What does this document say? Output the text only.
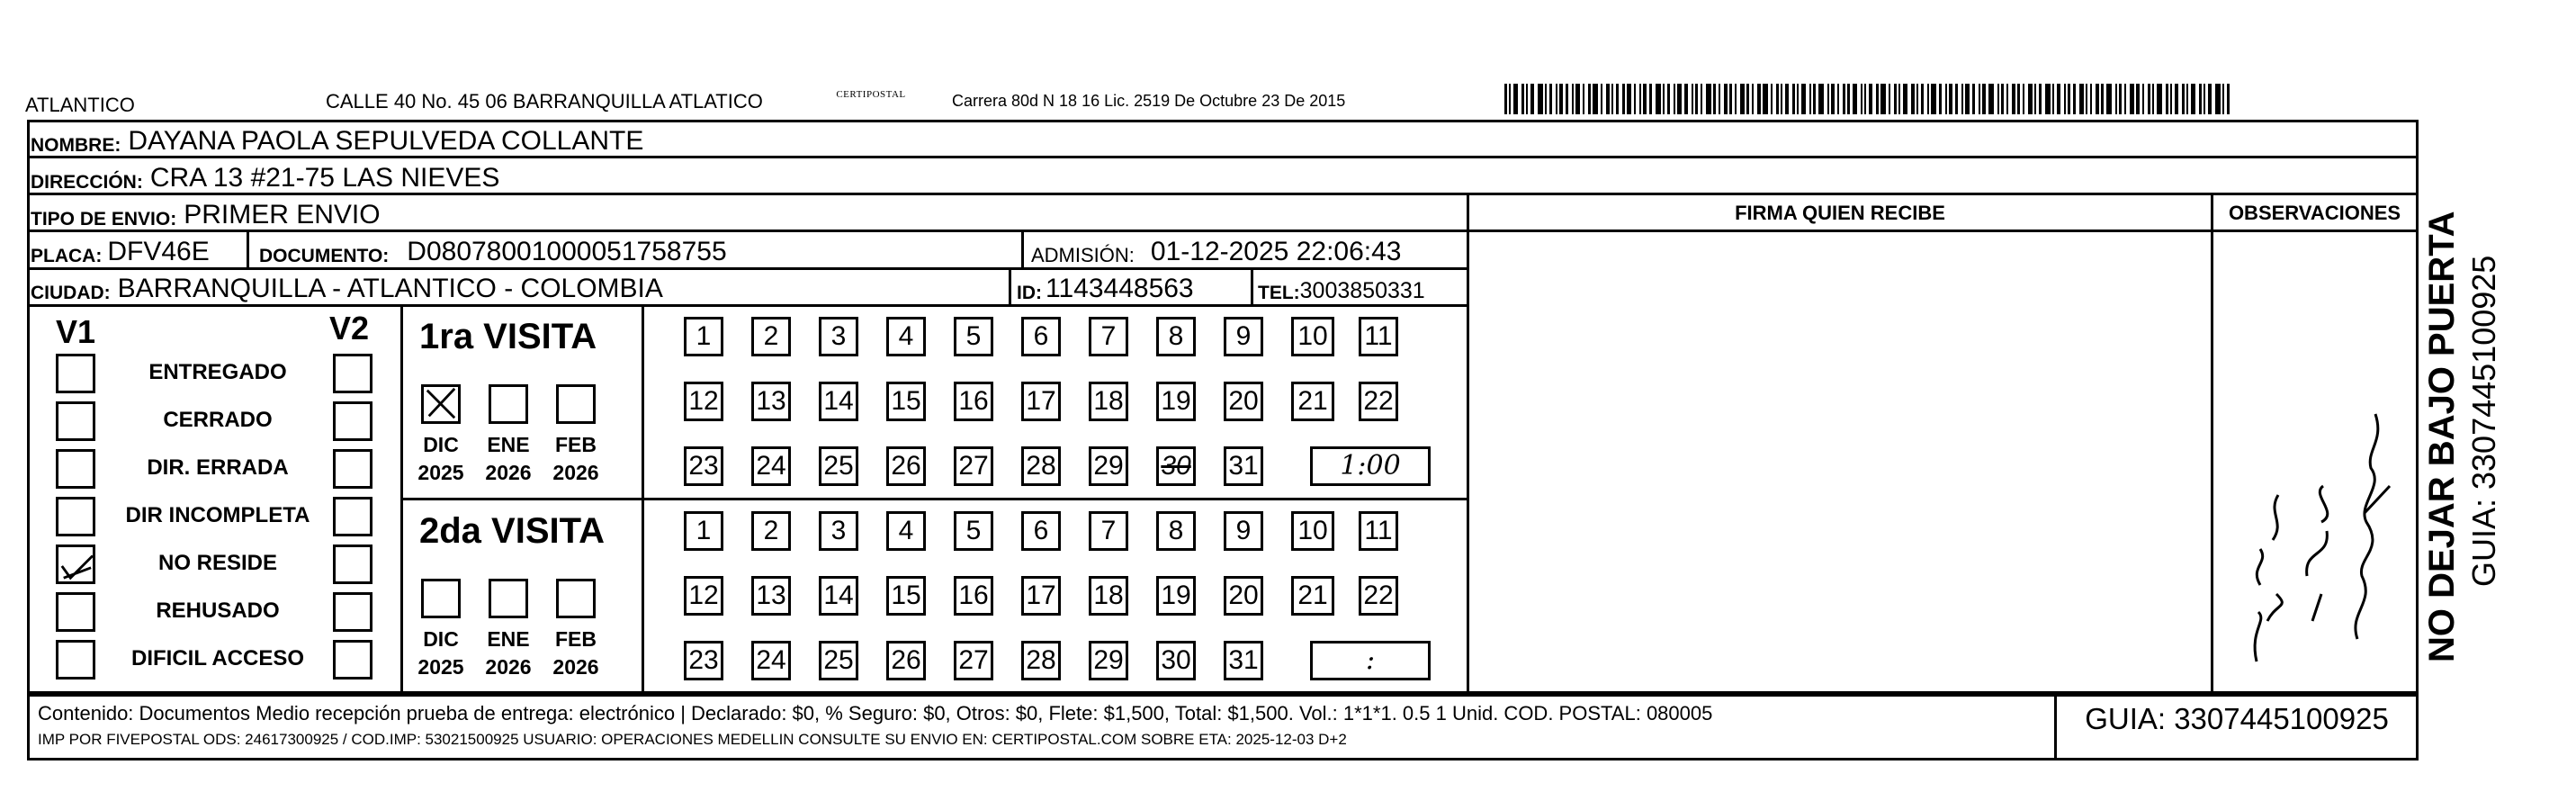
ATLANTICO	CALLE 40 No. 45 06 BARRANQUILLA ATLATICO	CERTIPOSTAL
	Carrera 80d N 18 16 Lic. 2519 De Octubre 23 De 2015
NOMBRE: DAYANA PAOLA SEPULVEDA COLLANTE
DIRECCIÓN: CRA 13 #21-75 LAS NIEVES
TIPO DE ENVIO: PRIMER ENVIO
PLACA: DFV46E	DOCUMENTO: D08078001000051758755	ADMISIÓN: 01-12-2025 22:06:43
CIUDAD: BARRANQUILLA - ATLANTICO - COLOMBIA	ID: 1143448563	TEL: 3003850331
FIRMA QUIEN RECIBE	OBSERVACIONES
V1	V2
Contenido: Documentos Medio recepción prueba de entrega: electrónico | Declarado: $0, % Seguro: $0, Otros: $0, Flete: $1,500, Total: $1,500. Vol.: 1*1*1. 0.5 1 Unid. COD. POSTAL: 080005
IMP POR FIVEPOSTAL ODS: 24617300925 / COD.IMP: 53021500925 USUARIO: OPERACIONES MEDELLIN CONSULTE SU ENVIO EN: CERTIPOSTAL.COM SOBRE ETA: 2025-12-03 D+2
GUIA: 3307445100925
NO DEJAR BAJO PUERTA GUIA: 3307445100925
ENTREGADO
CERRADO
DIR. ERRADA
DIR INCOMPLETA
NO RESIDE
REHUSADO
DIFICIL ACCESO
1ra VISITA
DIC
2025
ENE
2026
FEB
2026
1	2	3	4	5	6	7	8	9	10 11
12 13 14 15 16 17 18 19 20 21 22
23 24 25 26 27 28 29 30 31	1:00
2da VISITA
DIC
2025
ENE
2026
FEB
2026
1	2	3	4	5	6	7	8	9	10 11
12 13 14 15 16 17 18 19 20 21 22
23 24 25 26 27 28 29 30 31	:
